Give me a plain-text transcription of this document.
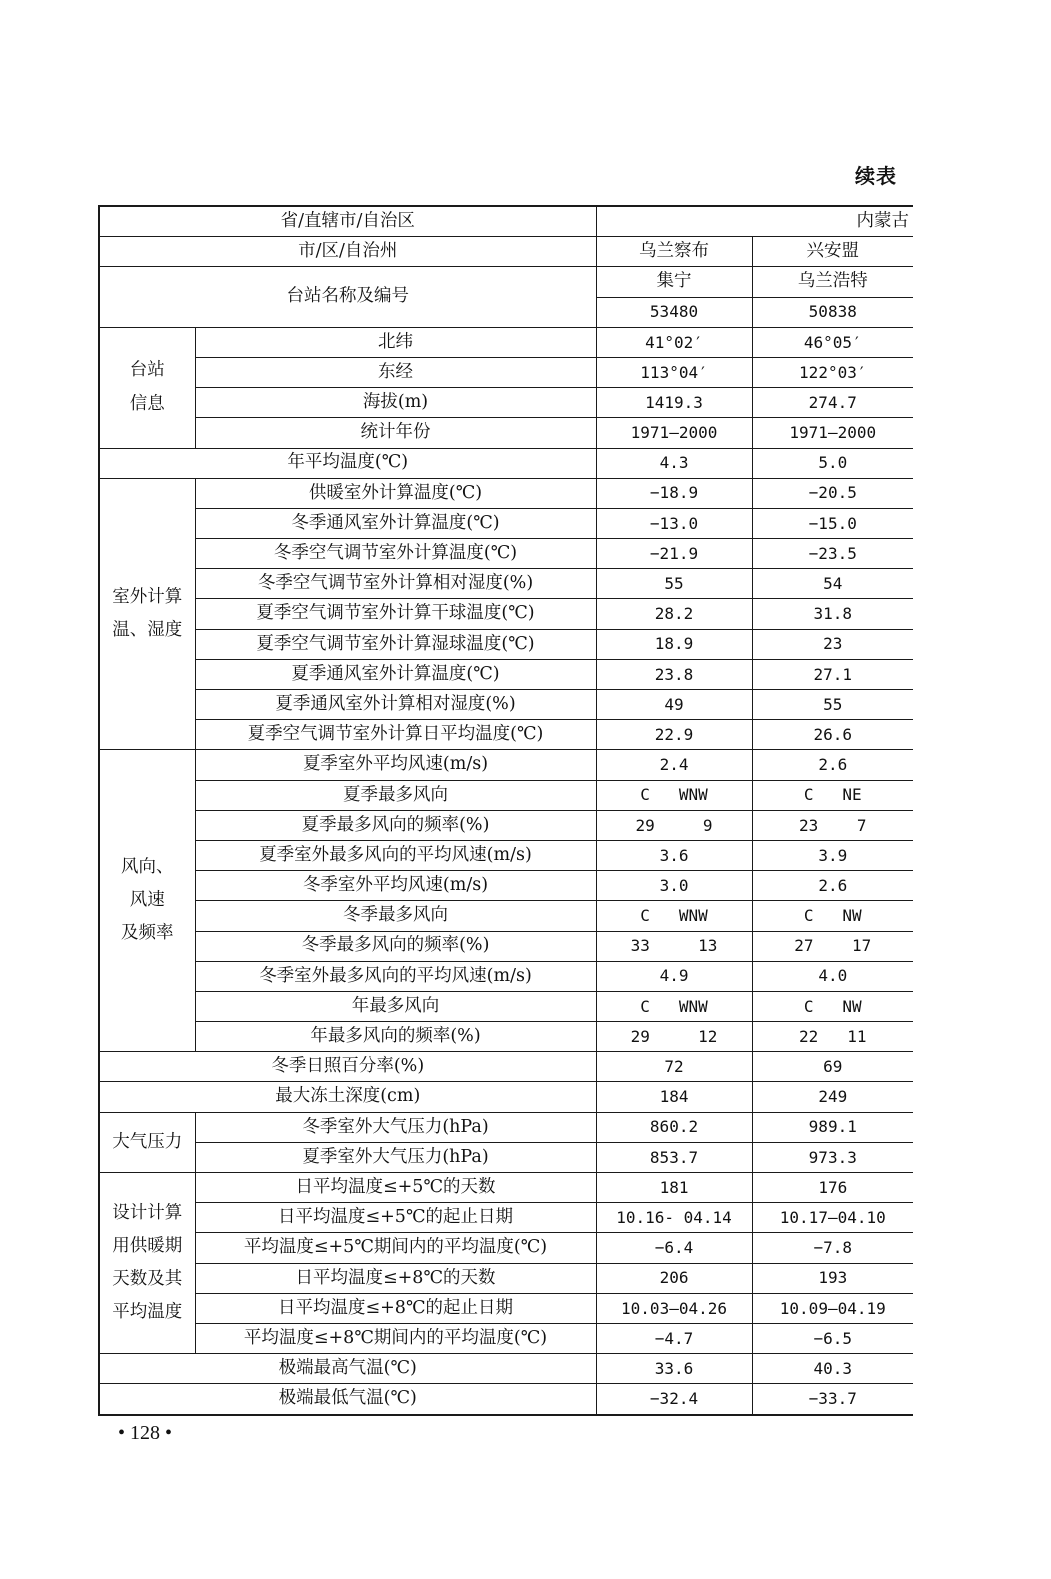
续表
省/直辖市/自治区		内蒙古	
市/区/自治州		乌兰察布	兴安盟
台站名称及编号		集宁	乌兰浩特
		53480	50838
台站
信息	北纬	41°02′	46°05′
	东经	113°04′	122°03′
	海拔(m)	1419.3	274.7
	统计年份	1971—2000	1971—2000
年平均温度(℃)		4.3	5.0
室外计算
温、湿度	供暖室外计算温度(℃)	−18.9	−20.5
	冬季通风室外计算温度(℃)	−13.0	−15.0
	冬季空气调节室外计算温度(℃)	−21.9	−23.5
	冬季空气调节室外计算相对湿度(%)	55	54
	夏季空气调节室外计算干球温度(℃)	28.2	31.8
	夏季空气调节室外计算湿球温度(℃)	18.9	23
	夏季通风室外计算温度(℃)	23.8	27.1
	夏季通风室外计算相对湿度(%)	49	55
	夏季空气调节室外计算日平均温度(℃)	22.9	26.6
风向、
风速
及频率	夏季室外平均风速(m/s)	2.4	2.6
	夏季最多风向	C   WNW	C   NE
	夏季最多风向的频率(%)	29     9	23    7
	夏季室外最多风向的平均风速(m/s)	3.6	3.9
	冬季室外平均风速(m/s)	3.0	2.6
	冬季最多风向	C   WNW	C   NW
	冬季最多风向的频率(%)	33     13	27    17
	冬季室外最多风向的平均风速(m/s)	4.9	4.0
	年最多风向	C   WNW	C   NW
	年最多风向的频率(%)	29     12	22   11
冬季日照百分率(%)		72	69
最大冻土深度(cm)		184	249
大气压力	冬季室外大气压力(hPa)	860.2	989.1
	夏季室外大气压力(hPa)	853.7	973.3
设计计算
用供暖期
天数及其
平均温度	日平均温度≤+5℃的天数	181	176
	日平均温度≤+5℃的起止日期	10.16- 04.14	10.17—04.10
	平均温度≤+5℃期间内的平均温度(℃)	−6.4	−7.8
	日平均温度≤+8℃的天数	206	193
	日平均温度≤+8℃的起止日期	10.03—04.26	10.09—04.19
	平均温度≤+8℃期间内的平均温度(℃)	−4.7	−6.5
极端最高气温(℃)		33.6	40.3
极端最低气温(℃)		−32.4	−33.7
• 128 •
